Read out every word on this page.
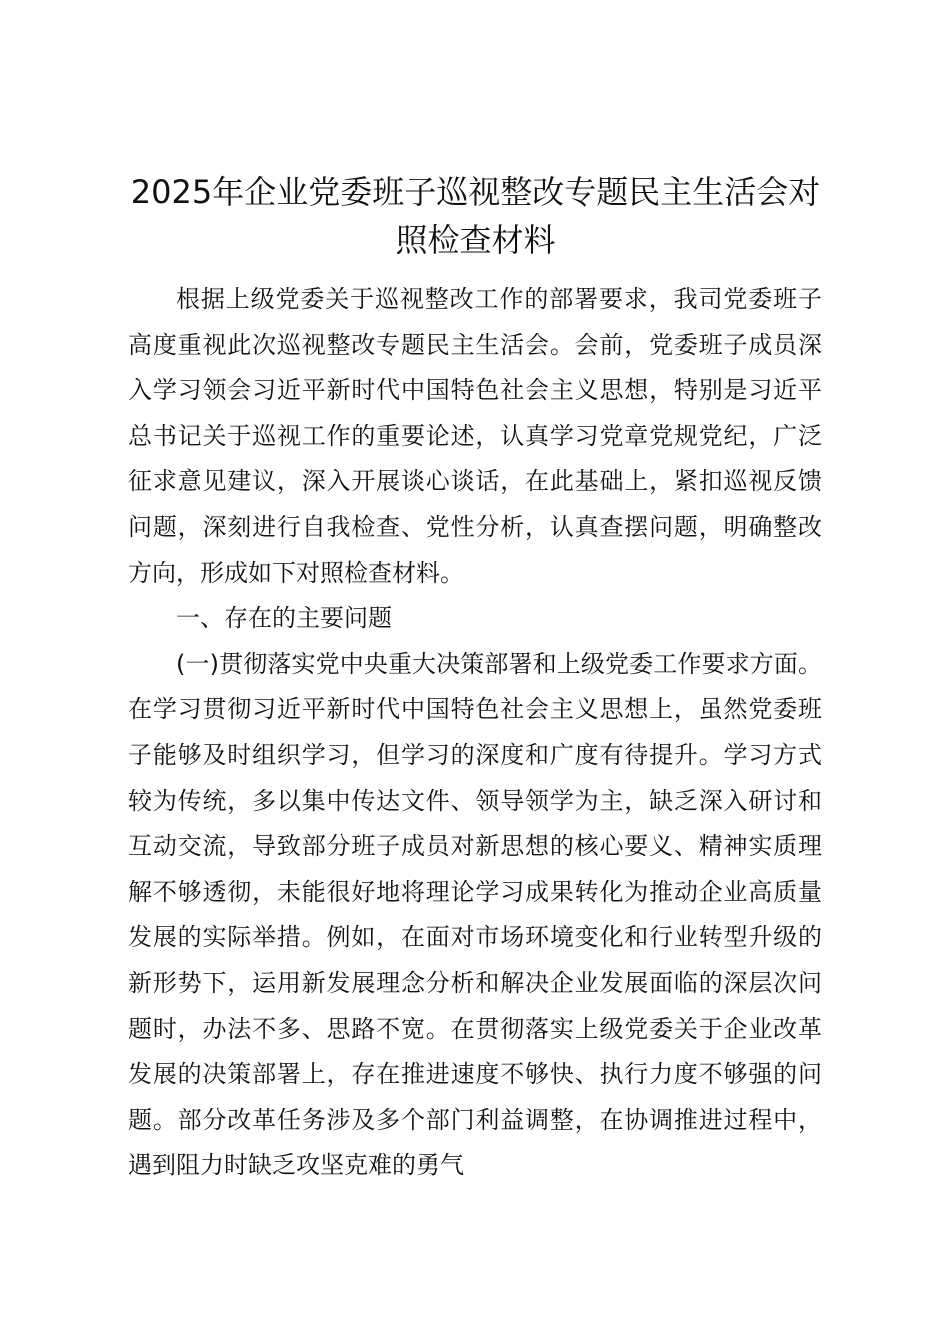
2025年企业党委班子巡视整改专题民主生活会对照检查材料

根据上级党委关于巡视整改工作的部署要求，我司党委班子高度重视此次巡视整改专题民主生活会。会前，党委班子成员深入学习领会习近平新时代中国特色社会主义思想，特别是习近平总书记关于巡视工作的重要论述，认真学习党章党规党纪，广泛征求意见建议，深入开展谈心谈话，在此基础上，紧扣巡视反馈问题，深刻进行自我检查、党性分析，认真查摆问题，明确整改方向，形成如下对照检查材料。

一、存在的主要问题

(一)贯彻落实党中央重大决策部署和上级党委工作要求方面。在学习贯彻习近平新时代中国特色社会主义思想上，虽然党委班子能够及时组织学习，但学习的深度和广度有待提升。学习方式较为传统，多以集中传达文件、领导领学为主，缺乏深入研讨和互动交流，导致部分班子成员对新思想的核心要义、精神实质理解不够透彻，未能很好地将理论学习成果转化为推动企业高质量发展的实际举措。例如，在面对市场环境变化和行业转型升级的新形势下，运用新发展理念分析和解决企业发展面临的深层次问题时，办法不多、思路不宽。在贯彻落实上级党委关于企业改革发展的决策部署上，存在推进速度不够快、执行力度不够强的问题。部分改革任务涉及多个部门利益调整，在协调推进过程中，遇到阻力时缺乏攻坚克难的勇气
